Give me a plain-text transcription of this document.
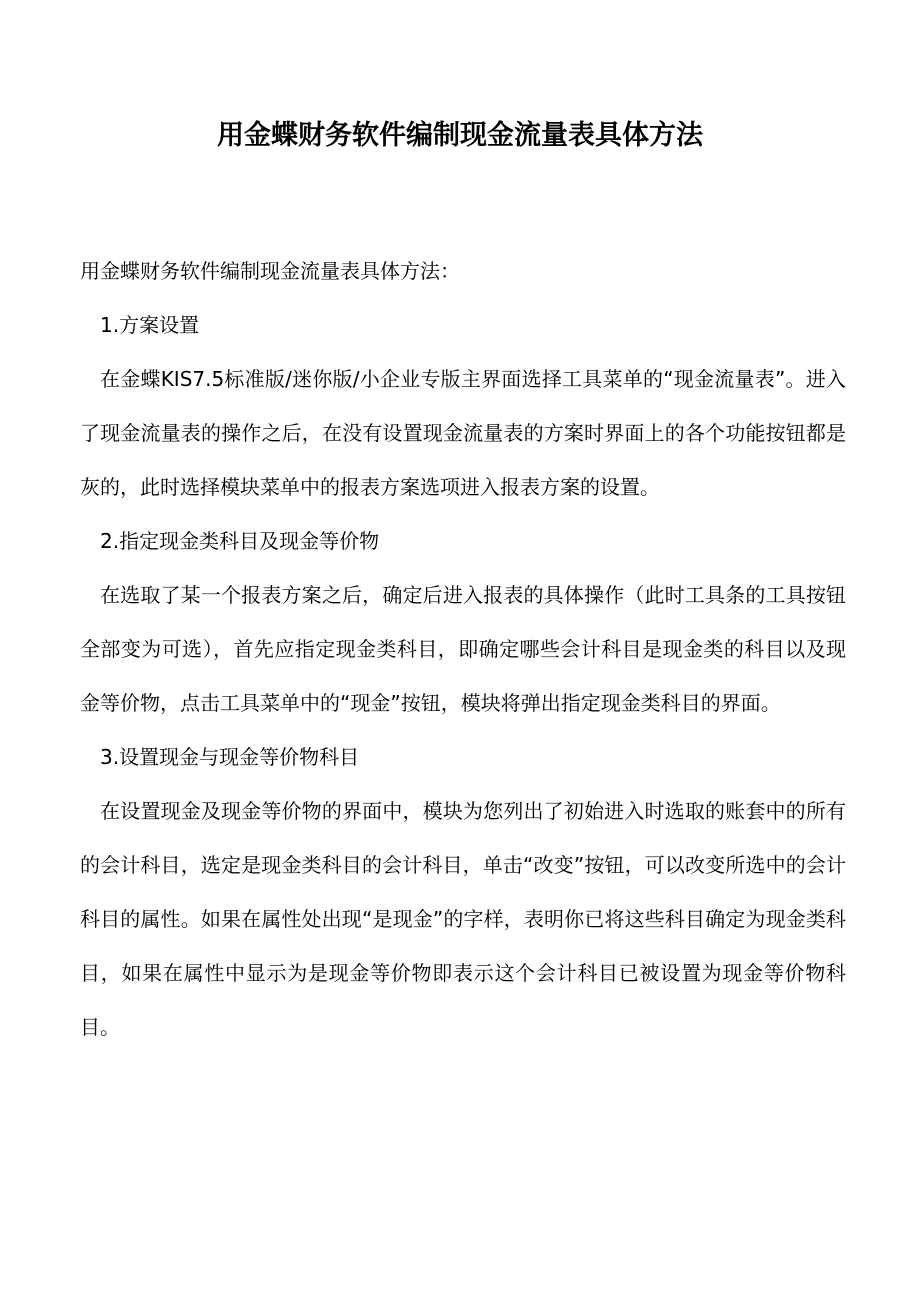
用金蝶财务软件编制现金流量表具体方法

用金蝶财务软件编制现金流量表具体方法：

1.方案设置

在金蝶KIS7.5标准版/迷你版/小企业专版主界面选择工具菜单的“现金流量表”。进入了现金流量表的操作之后，在没有设置现金流量表的方案时界面上的各个功能按钮都是灰的，此时选择模块菜单中的报表方案选项进入报表方案的设置。

2.指定现金类科目及现金等价物

在选取了某一个报表方案之后，确定后进入报表的具体操作（此时工具条的工具按钮全部变为可选），首先应指定现金类科目，即确定哪些会计科目是现金类的科目以及现金等价物，点击工具菜单中的“现金”按钮，模块将弹出指定现金类科目的界面。

3.设置现金与现金等价物科目

在设置现金及现金等价物的界面中，模块为您列出了初始进入时选取的账套中的所有的会计科目，选定是现金类科目的会计科目，单击“改变”按钮，可以改变所选中的会计科目的属性。如果在属性处出现“是现金”的字样，表明你已将这些科目确定为现金类科目，如果在属性中显示为是现金等价物即表示这个会计科目已被设置为现金等价物科目。
